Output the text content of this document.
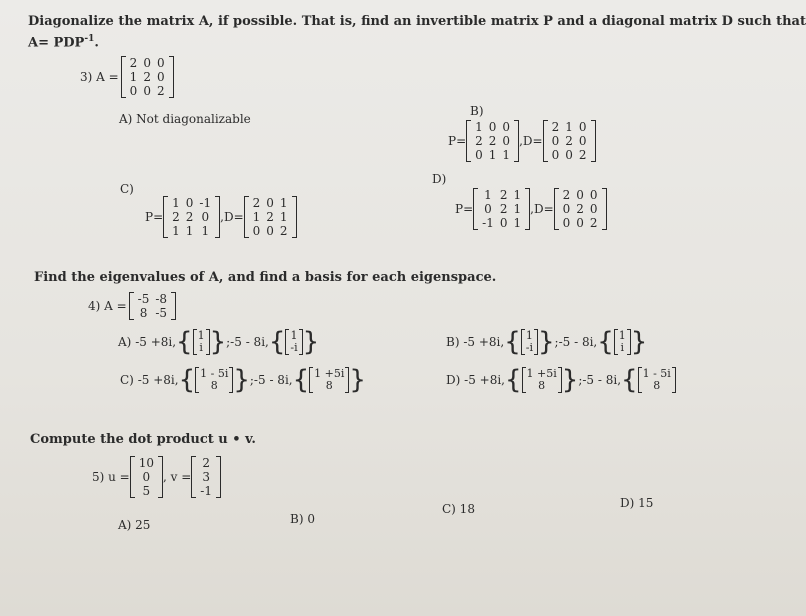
Diagonalize the matrix A, if possible. That is, find an invertible matrix P and a diagonal matrix D such that
$A= PDP^{-1}$.
3) A =
2	0	0
1	2	0
0	0	2
A) Not diagonalizable
B)
P=
1	0	0
2	2	0
0	1	1
, D=
2	1	0
0	2	0
0	0	2
C)
P=
1	0	-1
2	2	0
1	1	1
, D=
2	0	1
1	2	1
0	0	2
D)
P=
1	2	1
0	2	1
-1	0	1
, D=
2	0	0
0	2	0
0	0	2
Find the eigenvalues of A, and find a basis for each eigenspace.
4) A = -5	-8
8	-5
A)
-5 +8i, { 1
i } ;-5 - 8i, { 1
-i }
C)
-5 +8i, { 1 - 5i
8 } ;-5 - 8i, { 1 +5i
8 }
B)
-5 +8i, { 1
-i } ;-5 - 8i, { 1
i }
D)
-5 +8i, { 1 +5i
8 } ;-5 - 8i, { 1 - 5i
8
Compute the dot product u • v.
5) u =
10
0
5
, v =
2
3
-1
A) 25	B) 0
C) 18	D) 15
